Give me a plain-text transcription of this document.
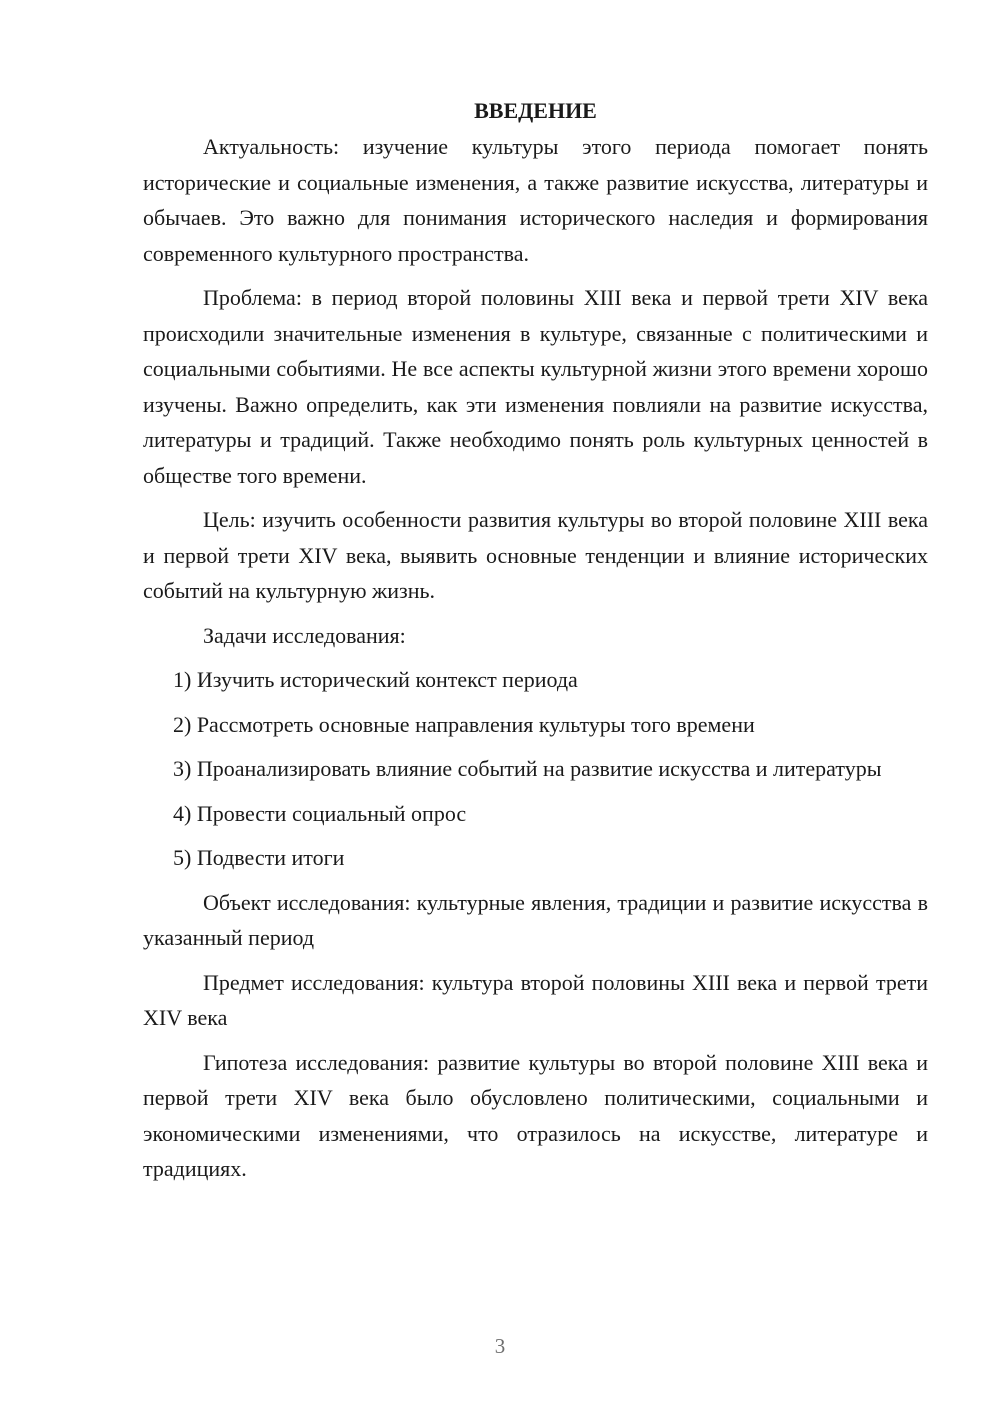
ВВЕДЕНИЕ

Актуальность: изучение культуры этого периода помогает понять исторические и социальные изменения, а также развитие искусства, литературы и обычаев. Это важно для понимания исторического наследия и формирования современного культурного пространства.

Проблема: в период второй половины XIII века и первой трети XIV века происходили значительные изменения в культуре, связанные с политическими и социальными событиями. Не все аспекты культурной жизни этого времени хорошо изучены. Важно определить, как эти изменения повлияли на развитие искусства, литературы и традиций. Также необходимо понять роль культурных ценностей в обществе того времени.

Цель: изучить особенности развития культуры во второй половине XIII века и первой трети XIV века, выявить основные тенденции и влияние исторических событий на культурную жизнь.

Задачи исследования:

1) Изучить исторический контекст периода

2) Рассмотреть основные направления культуры того времени

3) Проанализировать влияние событий на развитие искусства и литературы

4) Провести социальный опрос

5) Подвести итоги

Объект исследования: культурные явления, традиции и развитие искусства в указанный период

Предмет исследования: культура второй половины XIII века и первой трети XIV века

Гипотеза исследования: развитие культуры во второй половине XIII века и первой трети XIV века было обусловлено политическими, социальными и экономическими изменениями, что отразилось на искусстве, литературе и традициях.

3
